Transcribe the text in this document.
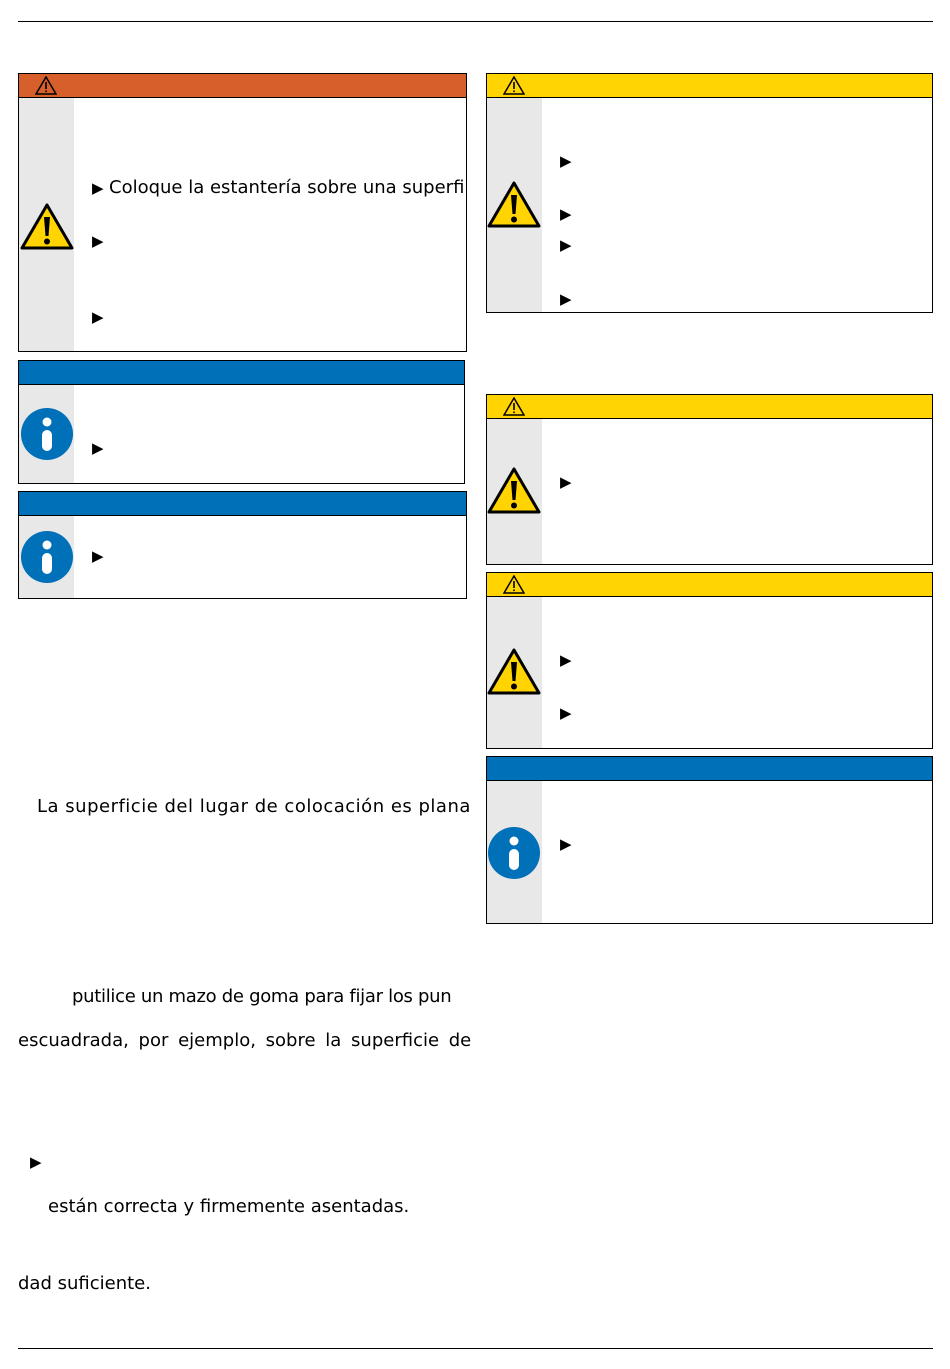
▶ Coloque la estantería sobre una superfi
▶
▶
▶
▶
La superficie del lugar de colocación es plana
putilice un mazo de goma para fijar los pun
escuadrada, por ejemplo, sobre la superficie de
▶
están correcta y firmemente asentadas.
dad suficiente.
▶
▶
▶
▶
▶
▶
▶
▶
